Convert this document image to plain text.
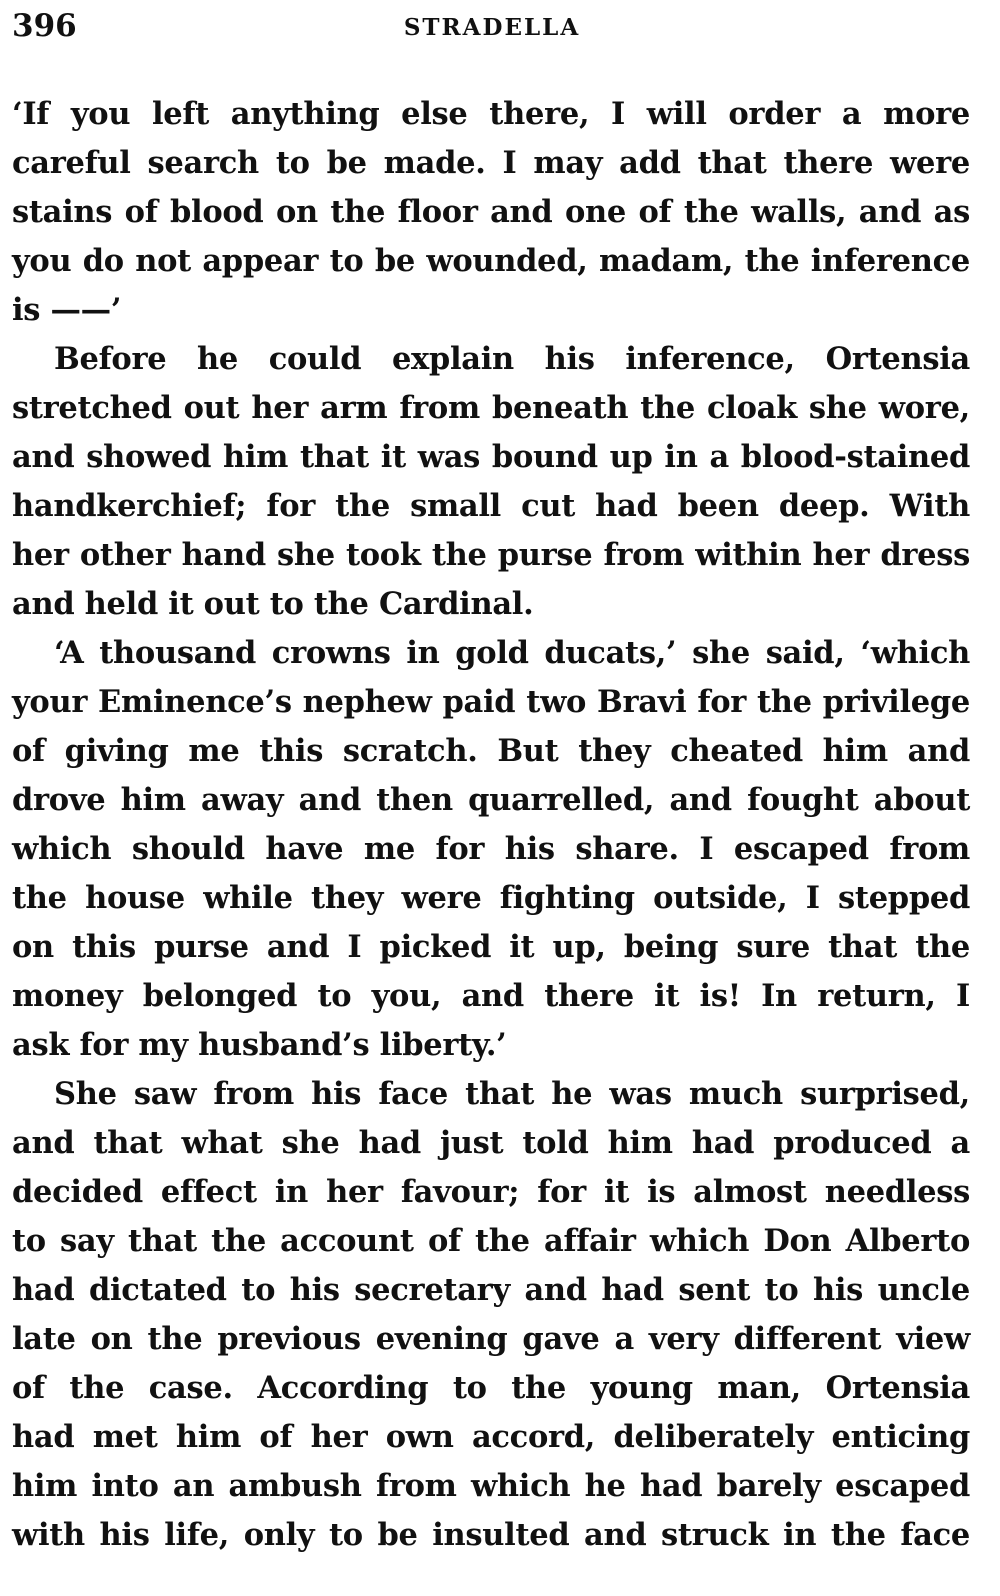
396	STRADELLA
‘If you left anything else there, I will order a more
careful search to be made. I may add that there were
stains of blood on the floor and one of the walls, and as
you do not appear to be wounded, madam, the inference
is ——’
Before he could explain his inference, Ortensia
stretched out her arm from beneath the cloak she wore,
and showed him that it was bound up in a blood-stained
handkerchief; for the small cut had been deep. With
her other hand she took the purse from within her dress
and held it out to the Cardinal.
‘A thousand crowns in gold ducats,’ she said, ‘which
your Eminence’s nephew paid two Bravi for the privilege
of giving me this scratch. But they cheated him and
drove him away and then quarrelled, and fought about
which should have me for his share. I escaped from
the house while they were fighting outside, I stepped
on this purse and I picked it up, being sure that the
money belonged to you, and there it is! In return, I
ask for my husband’s liberty.’
She saw from his face that he was much surprised,
and that what she had just told him had produced a
decided effect in her favour; for it is almost needless
to say that the account of the affair which Don Alberto
had dictated to his secretary and had sent to his uncle
late on the previous evening gave a very different view
of the case. According to the young man, Ortensia
had met him of her own accord, deliberately enticing
him into an ambush from which he had barely escaped
with his life, only to be insulted and struck in the face
